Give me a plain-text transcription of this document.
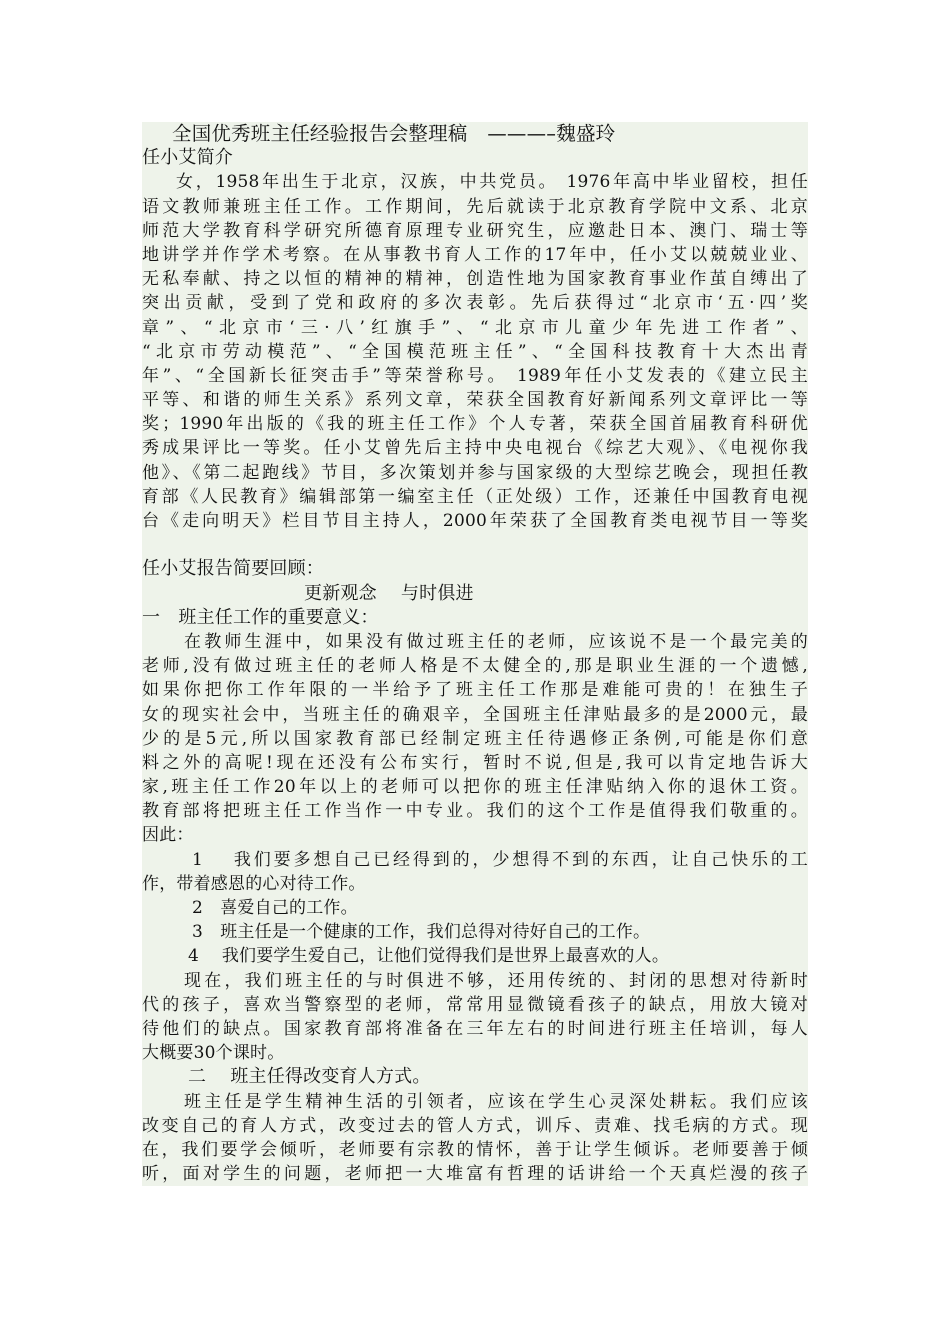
全国优秀班主任经验报告会整理稿　———–魏盛玲
任小艾简介
女，1958年出生于北京，汉族，中共党员。 1976年高中毕业留校，担任
语文教师兼班主任工作。工作期间，先后就读于北京教育学院中文系、北京
师范大学教育科学研究所德育原理专业研究生，应邀赴日本、澳门、瑞士等
地讲学并作学术考察。在从事教书育人工作的17年中，任小艾以兢兢业业、
无私奉献、持之以恒的精神的精神，创造性地为国家教育事业作茧自缚出了
突出贡献，受到了党和政府的多次表彰。先后获得过“北京市‘五·四’奖
章”、“北京市‘三·八’红旗手”、“北京市儿童少年先进工作者”、
“北京市劳动模范”、“全国模范班主任”、“全国科技教育十大杰出青
年”、“全国新长征突击手”等荣誉称号。 1989年任小艾发表的《建立民主
平等、和谐的师生关系》系列文章，荣获全国教育好新闻系列文章评比一等
奖；1990年出版的《我的班主任工作》个人专著，荣获全国首届教育科研优
秀成果评比一等奖。任小艾曾先后主持中央电视台《综艺大观》、《电视你我
他》、《第二起跑线》节目，多次策划并参与国家级的大型综艺晚会，现担任教
育部《人民教育》编辑部第一编室主任（正处级）工作，还兼任中国教育电视
台《走向明天》栏目节目主持人，2000年荣获了全国教育类电视节目一等奖
任小艾报告简要回顾：
更新观念　 与时俱进
一　班主任工作的重要意义：
在教师生涯中，如果没有做过班主任的老师，应该说不是一个最完美的
老师,没有做过班主任的老师人格是不太健全的,那是职业生涯的一个遗憾,
如果你把你工作年限的一半给予了班主任工作那是难能可贵的！在独生子
女的现实社会中，当班主任的确艰辛，全国班主任津贴最多的是2000元，最
少的是5元,所以国家教育部已经制定班主任待遇修正条例,可能是你们意
料之外的高呢!现在还没有公布实行，暂时不说,但是,我可以肯定地告诉大
家,班主任工作20年以上的老师可以把你的班主任津贴纳入你的退休工资。
教育部将把班主任工作当作一中专业。我们的这个工作是值得我们敬重的。
因此：
1　 我们要多想自己已经得到的，少想得不到的东西，让自己快乐的工
作，带着感恩的心对待工作。
2　喜爱自己的工作。
3　班主任是一个健康的工作，我们总得对待好自己的工作。
4　 我们要学生爱自己，让他们觉得我们是世界上最喜欢的人。
现在，我们班主任的与时俱进不够，还用传统的、封闭的思想对待新时
代的孩子，喜欢当警察型的老师，常常用显微镜看孩子的缺点，用放大镜对
待他们的缺点。国家教育部将准备在三年左右的时间进行班主任培训，每人
大概要30个课时。
二　 班主任得改变育人方式。
班主任是学生精神生活的引领者，应该在学生心灵深处耕耘。我们应该
改变自己的育人方式，改变过去的管人方式，训斥、责难、找毛病的方式。现
在，我们要学会倾听，老师要有宗教的情怀，善于让学生倾诉。老师要善于倾
听，面对学生的问题，老师把一大堆富有哲理的话讲给一个天真烂漫的孩子
